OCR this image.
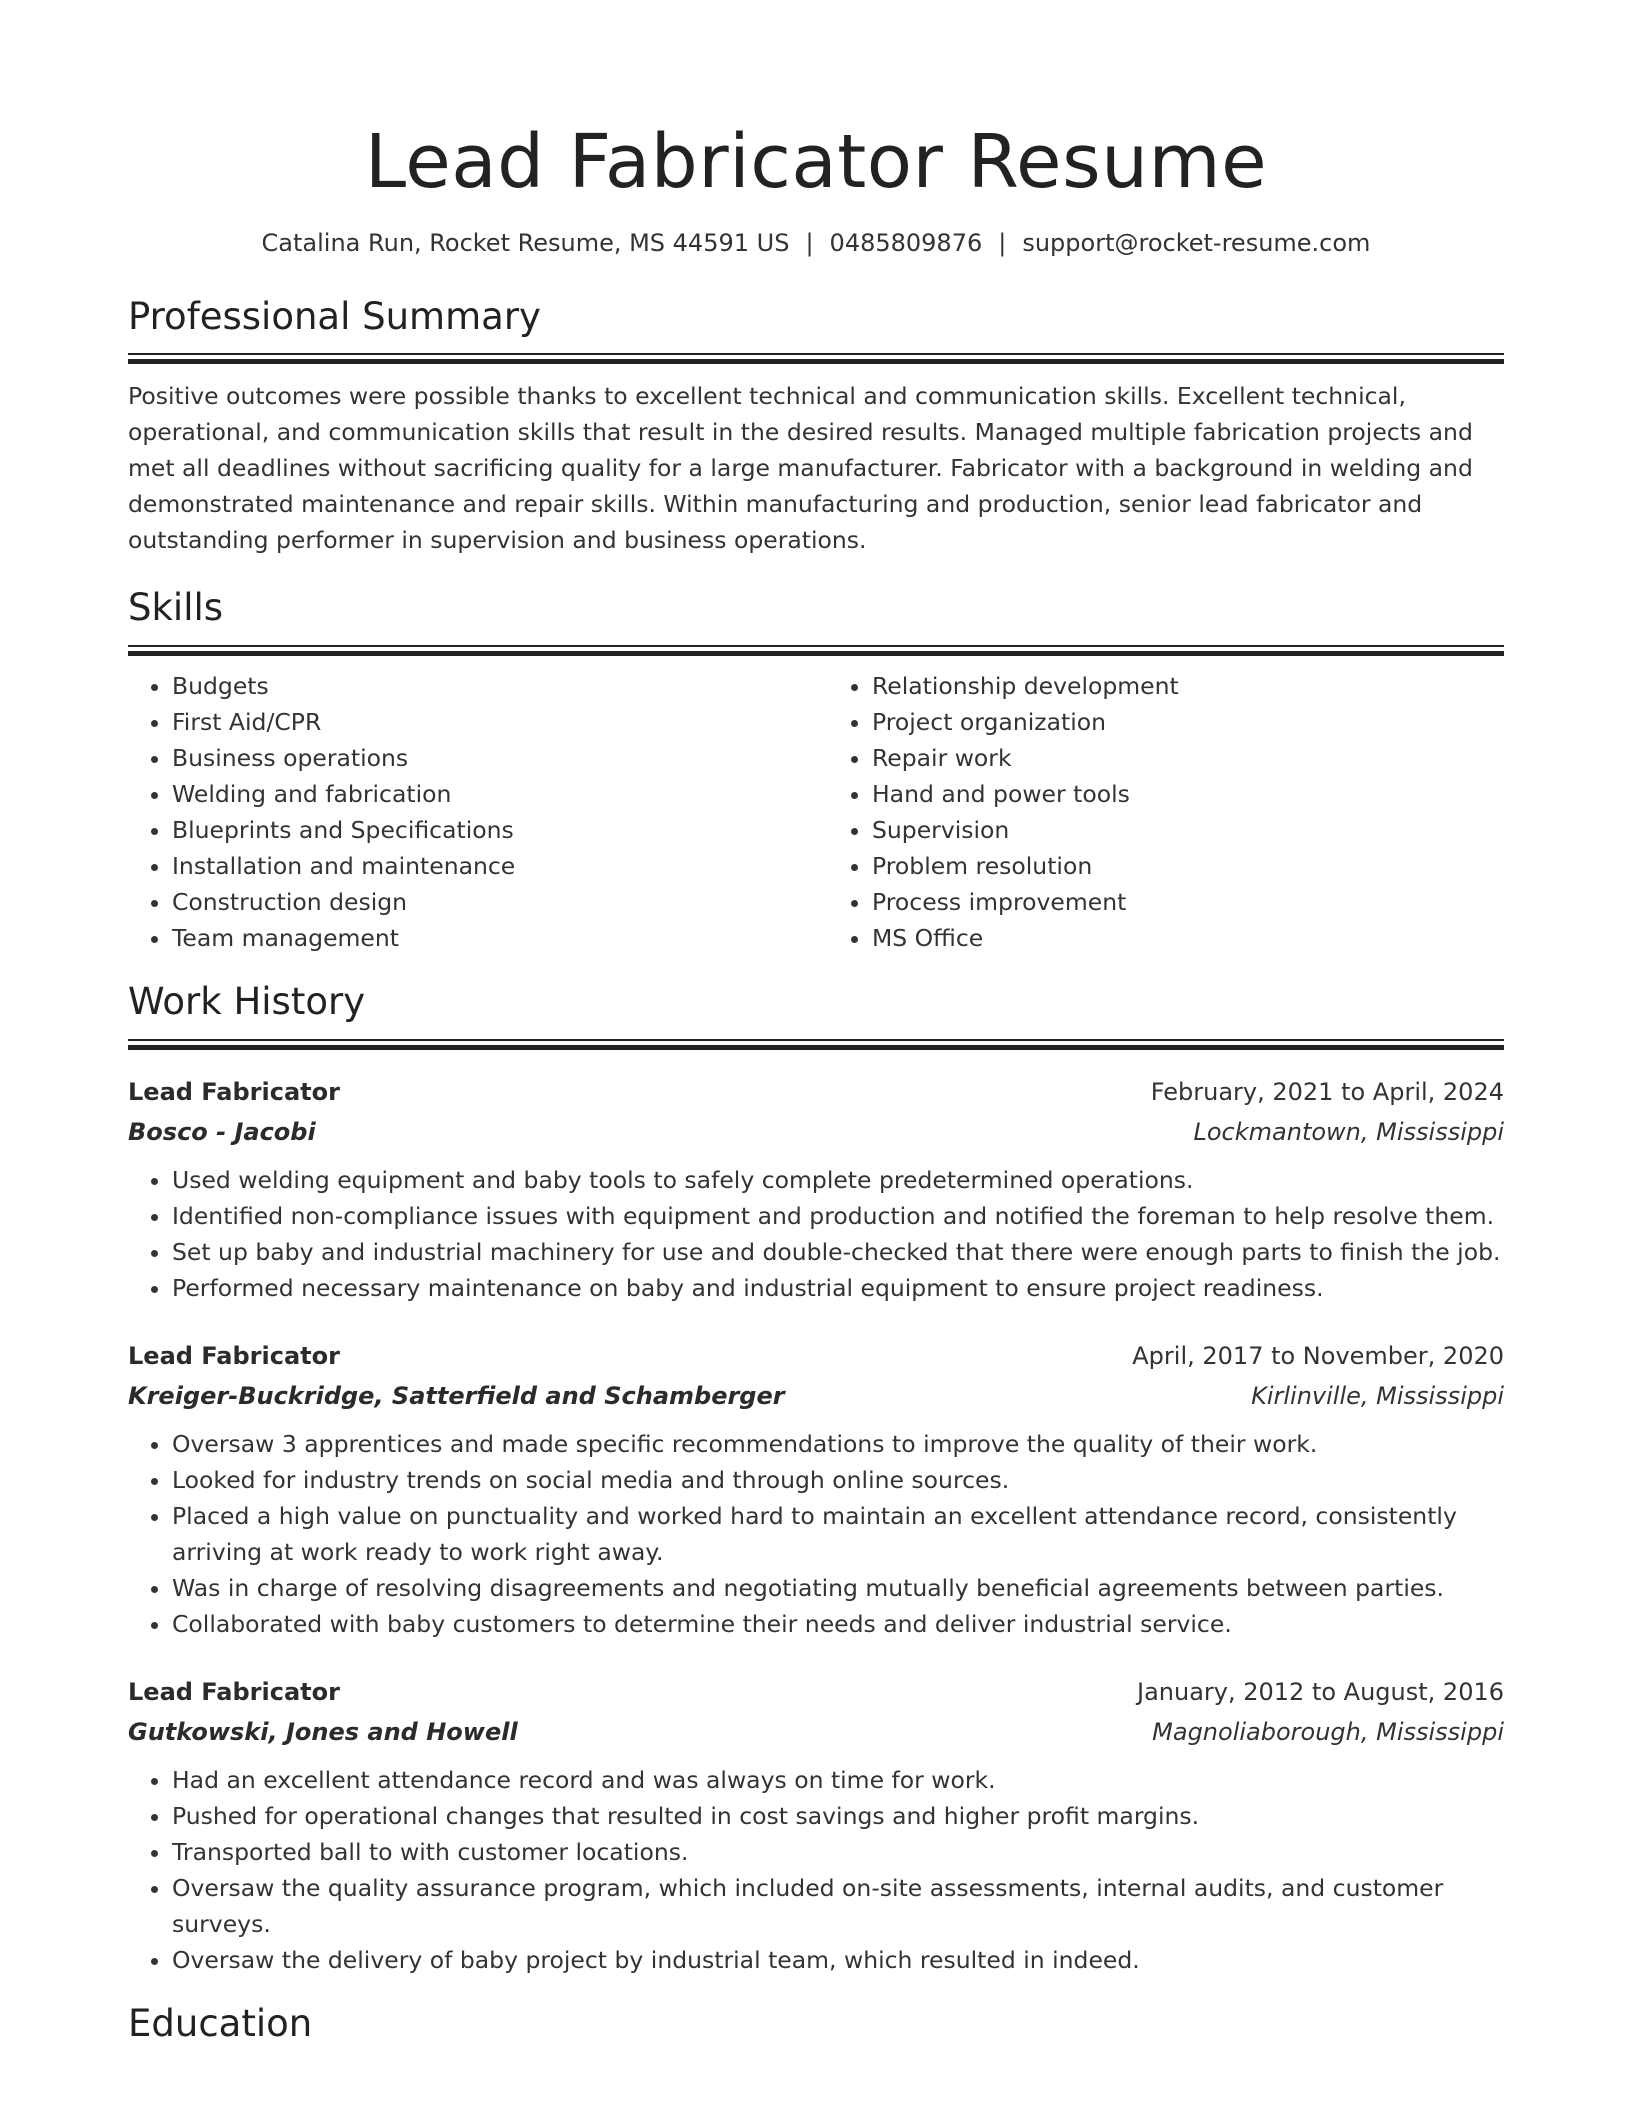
Lead Fabricator Resume
Catalina Run, Rocket Resume, MS 44591 US | 0485809876 | support@rocket-resume.com
Professional Summary

Positive outcomes were possible thanks to excellent technical and communication skills. Excellent technical, operational, and communication skills that result in the desired results. Managed multiple fabrication projects and met all deadlines without sacrificing quality for a large manufacturer. Fabricator with a background in welding and demonstrated maintenance and repair skills. Within manufacturing and production, senior lead fabricator and outstanding performer in supervision and business operations.

Skills
• Budgets
• First Aid/CPR
• Business operations
• Welding and fabrication
• Blueprints and Specifications
• Installation and maintenance
• Construction design
• Team management
• Relationship development
• Project organization
• Repair work
• Hand and power tools
• Supervision
• Problem resolution
• Process improvement
• MS Office
Work History
Lead Fabricator	February, 2021 to April, 2024
Bosco - Jacobi	Lockmantown, Mississippi
• Used welding equipment and baby tools to safely complete predetermined operations.
• Identified non-compliance issues with equipment and production and notified the foreman to help resolve them.
• Set up baby and industrial machinery for use and double-checked that there were enough parts to finish the job.
• Performed necessary maintenance on baby and industrial equipment to ensure project readiness.
Lead Fabricator	April, 2017 to November, 2020
Kreiger-Buckridge, Satterfield and Schamberger	Kirlinville, Mississippi
• Oversaw 3 apprentices and made specific recommendations to improve the quality of their work.
• Looked for industry trends on social media and through online sources.
• Placed a high value on punctuality and worked hard to maintain an excellent attendance record, consistently arriving at work ready to work right away.
• Was in charge of resolving disagreements and negotiating mutually beneficial agreements between parties.
• Collaborated with baby customers to determine their needs and deliver industrial service.
Lead Fabricator	January, 2012 to August, 2016
Gutkowski, Jones and Howell	Magnoliaborough, Mississippi
• Had an excellent attendance record and was always on time for work.
• Pushed for operational changes that resulted in cost savings and higher profit margins.
• Transported ball to with customer locations.
• Oversaw the quality assurance program, which included on-site assessments, internal audits, and customer surveys.
• Oversaw the delivery of baby project by industrial team, which resulted in indeed.
Education
